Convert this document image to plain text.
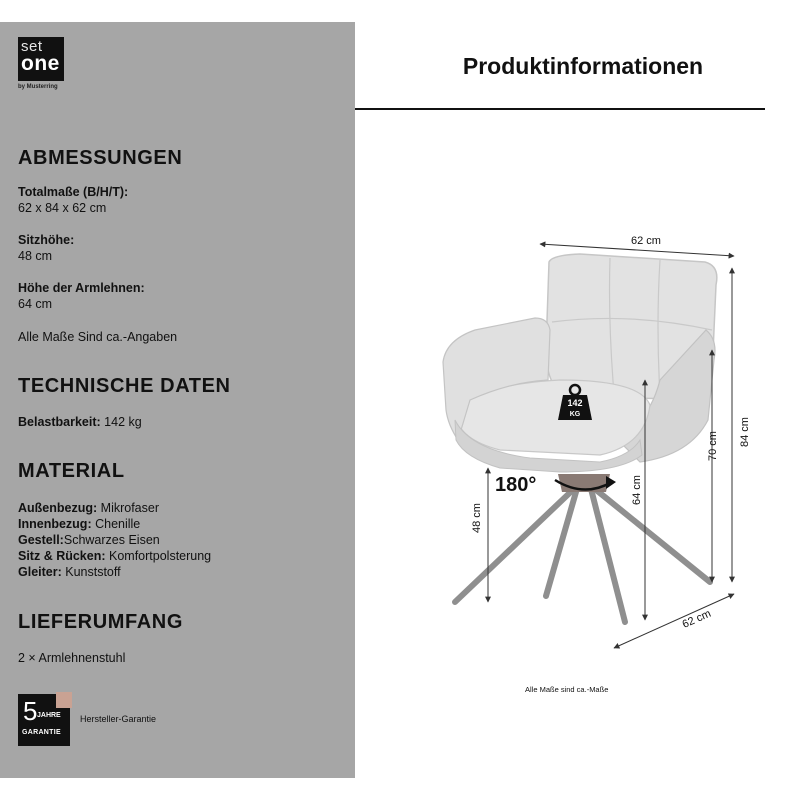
set
one
by Musterring
ABMESSUNGEN
Totalmaße (B/H/T):
62 x 84 x 62 cm
Sitzhöhe:
48 cm
Höhe der Armlehnen:
64 cm
Alle Maße Sind ca.-Angaben
TECHNISCHE DATEN
Belastbarkeit: 142 kg
MATERIAL
Außenbezug: Mikrofaser
Innenbezug: Chenille
Gestell:Schwarzes Eisen
Sitz & Rücken: Komfortpolsterung
Gleiter: Kunststoff
LIEFERUMFANG
2 × Armlehnenstuhl
5 JAHRE
GARANTIE
Hersteller-Garantie
Produktinformationen
142
KG
180°
62 cm
84 cm
70 cm
64 cm
48 cm
62 cm
Alle Maße sind ca.-Maße
